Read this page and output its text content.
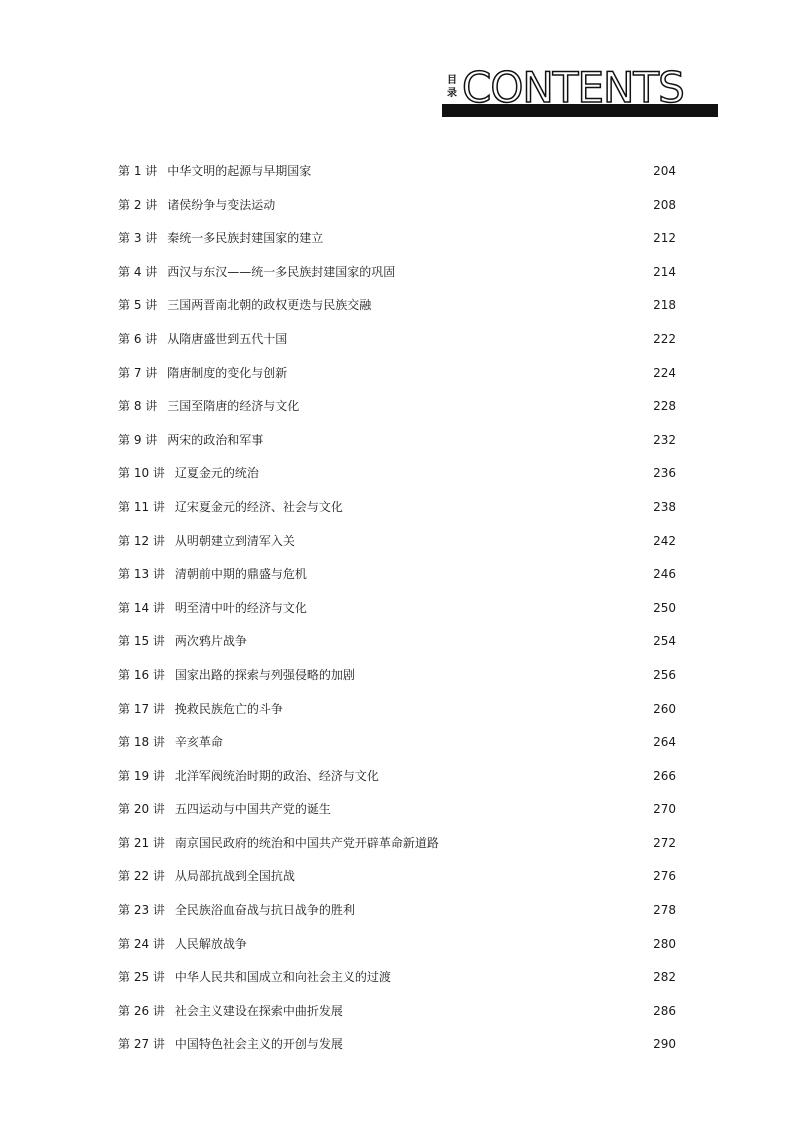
目
录 CONTENTS
第 1 讲 中华文明的起源与早期国家	204
第 2 讲 诸侯纷争与变法运动	208
第 3 讲 秦统一多民族封建国家的建立	212
第 4 讲 西汉与东汉——统一多民族封建国家的巩固	214
第 5 讲 三国两晋南北朝的政权更迭与民族交融	218
第 6 讲 从隋唐盛世到五代十国	222
第 7 讲 隋唐制度的变化与创新	224
第 8 讲 三国至隋唐的经济与文化	228
第 9 讲 两宋的政治和军事	232
第 10 讲 辽夏金元的统治	236
第 11 讲 辽宋夏金元的经济、社会与文化	238
第 12 讲 从明朝建立到清军入关	242
第 13 讲 清朝前中期的鼎盛与危机	246
第 14 讲 明至清中叶的经济与文化	250
第 15 讲 两次鸦片战争	254
第 16 讲 国家出路的探索与列强侵略的加剧	256
第 17 讲 挽救民族危亡的斗争	260
第 18 讲 辛亥革命	264
第 19 讲 北洋军阀统治时期的政治、经济与文化	266
第 20 讲 五四运动与中国共产党的诞生	270
第 21 讲 南京国民政府的统治和中国共产党开辟革命新道路	272
第 22 讲 从局部抗战到全国抗战	276
第 23 讲 全民族浴血奋战与抗日战争的胜利	278
第 24 讲 人民解放战争	280
第 25 讲 中华人民共和国成立和向社会主义的过渡	282
第 26 讲 社会主义建设在探索中曲折发展	286
第 27 讲 中国特色社会主义的开创与发展	290
